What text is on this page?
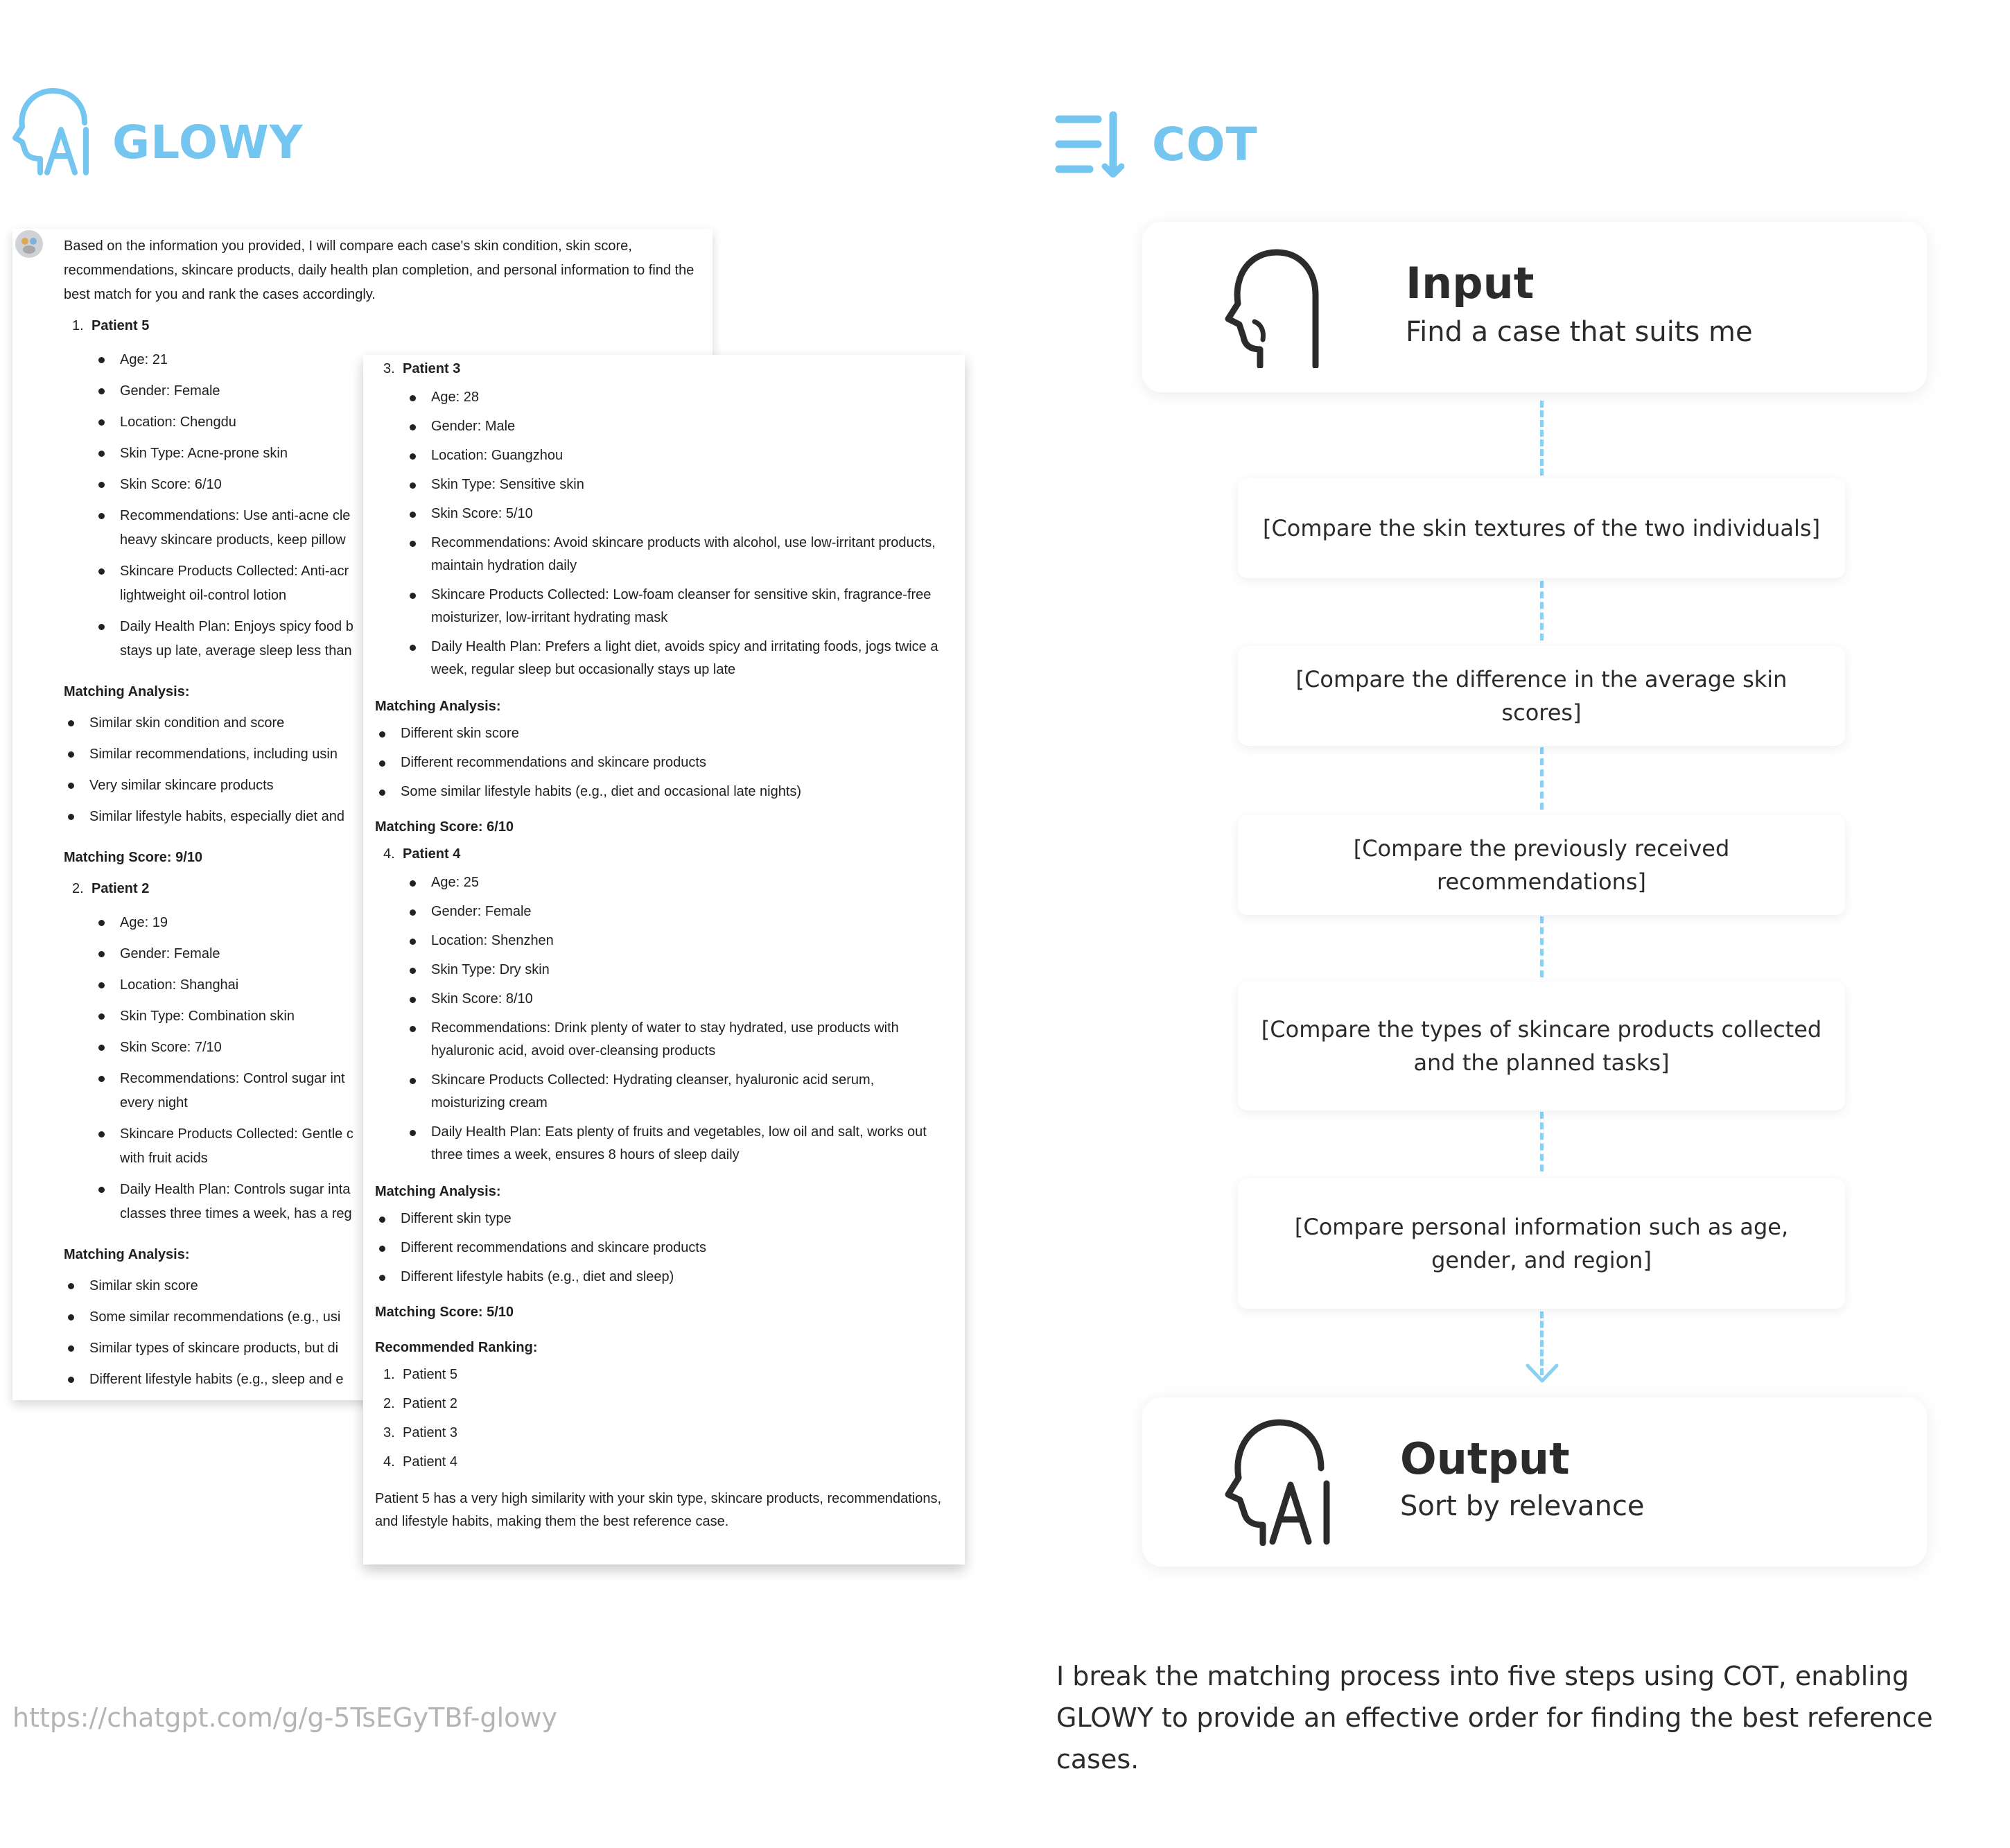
GLOWY	COT

Based on the information you provided, I will compare each case's skin condition, skin score, recommendations, skincare products, daily health plan completion, and personal information to find the best match for you and rank the cases accordingly.

1. Patient 5
Age: 21
Gender: Female
Location: Chengdu
Skin Type: Acne-prone skin
Skin Score: 6/10
Recommendations: Use anti-acne cle
heavy skincare products, keep pillow
Skincare Products Collected: Anti-acr
lightweight oil-control lotion
Daily Health Plan: Enjoys spicy food b
stays up late, average sleep less than
Matching Analysis:
Similar skin condition and score
Similar recommendations, including usin
Very similar skincare products
Similar lifestyle habits, especially diet and
Matching Score: 9/10
2. Patient 2
Age: 19
Gender: Female
Location: Shanghai
Skin Type: Combination skin
Skin Score: 7/10
Recommendations: Control sugar int
every night
Skincare Products Collected: Gentle c
with fruit acids
Daily Health Plan: Controls sugar inta
classes three times a week, has a reg
Matching Analysis:
Similar skin score
Some similar recommendations (e.g., usi
Similar types of skincare products, but di
Different lifestyle habits (e.g., sleep and e
3. Patient 3
Age: 28
Gender: Male
Location: Guangzhou
Skin Type: Sensitive skin
Skin Score: 5/10
Recommendations: Avoid skincare products with alcohol, use low-irritant products, maintain hydration daily
Skincare Products Collected: Low-foam cleanser for sensitive skin, fragrance-free moisturizer, low-irritant hydrating mask
Daily Health Plan: Prefers a light diet, avoids spicy and irritating foods, jogs twice a week, regular sleep but occasionally stays up late
Matching Analysis:
Different skin score
Different recommendations and skincare products
Some similar lifestyle habits (e.g., diet and occasional late nights)
Matching Score: 6/10
4. Patient 4
Age: 25
Gender: Female
Location: Shenzhen
Skin Type: Dry skin
Skin Score: 8/10
Recommendations: Drink plenty of water to stay hydrated, use products with hyaluronic acid, avoid over-cleansing products
Skincare Products Collected: Hydrating cleanser, hyaluronic acid serum, moisturizing cream
Daily Health Plan: Eats plenty of fruits and vegetables, low oil and salt, works out three times a week, ensures 8 hours of sleep daily
Matching Analysis:
Different skin type
Different recommendations and skincare products
Different lifestyle habits (e.g., diet and sleep)
Matching Score: 5/10
Recommended Ranking:
1. Patient 5
2. Patient 2
3. Patient 3
4. Patient 4

Patient 5 has a very high similarity with your skin type, skincare products, recommendations, and lifestyle habits, making them the best reference case.

Input
Find a case that suits me
[Compare the skin textures of the two individuals]
[Compare the difference in the average skin scores]
[Compare the previously received recommendations]
[Compare the types of skincare products collected and the planned tasks]
[Compare personal information such as age, gender, and region]
Output
Sort by relevance
I break the matching process into five steps using COT, enabling GLOWY to provide an effective order for finding the best reference cases.
https://chatgpt.com/g/g-5TsEGyTBf-glowy
